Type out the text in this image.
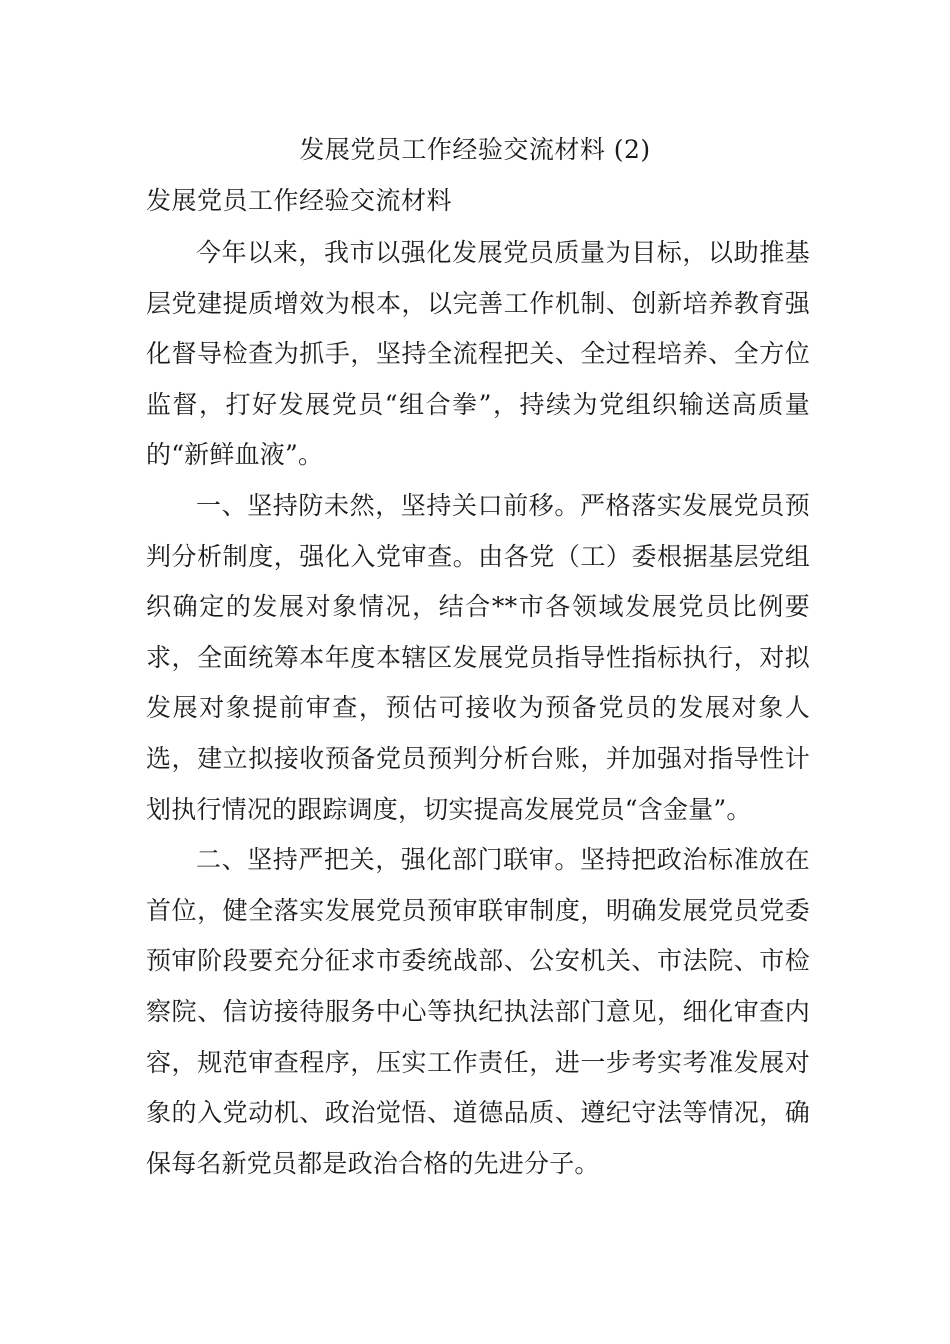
发展党员工作经验交流材料 (2)

发展党员工作经验交流材料

今年以来，我市以强化发展党员质量为目标，以助推基层党建提质增效为根本，以完善工作机制、创新培养教育强化督导检查为抓手，坚持全流程把关、全过程培养、全方位监督，打好发展党员“组合拳”，持续为党组织输送高质量的“新鲜血液”。

一、坚持防未然，坚持关口前移。严格落实发展党员预判分析制度，强化入党审查。由各党（工）委根据基层党组织确定的发展对象情况，结合**市各领域发展党员比例要求，全面统筹本年度本辖区发展党员指导性指标执行，对拟发展对象提前审查，预估可接收为预备党员的发展对象人选，建立拟接收预备党员预判分析台账，并加强对指导性计划执行情况的跟踪调度，切实提高发展党员“含金量”。

二、坚持严把关，强化部门联审。坚持把政治标准放在首位，健全落实发展党员预审联审制度，明确发展党员党委预审阶段要充分征求市委统战部、公安机关、市法院、市检察院、信访接待服务中心等执纪执法部门意见，细化审查内容，规范审查程序，压实工作责任，进一步考实考准发展对象的入党动机、政治觉悟、道德品质、遵纪守法等情况，确保每名新党员都是政治合格的先进分子。
